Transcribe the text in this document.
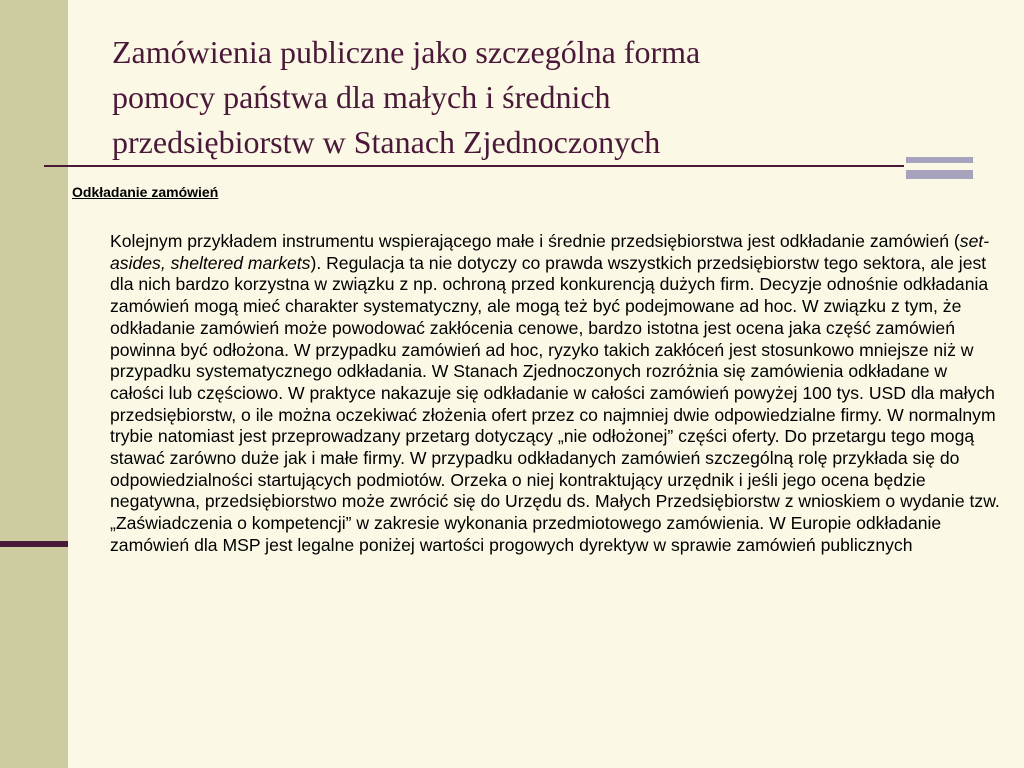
Zamówienia publiczne jako szczególna forma
pomocy państwa dla małych i średnich
przedsiębiorstw w Stanach Zjednoczonych

Odkładanie zamówień

Kolejnym przykładem instrumentu wspierającego małe i średnie przedsiębiorstwa jest odkładanie zamówień (set-asides, sheltered markets). Regulacja ta nie dotyczy co prawda wszystkich przedsiębiorstw tego sektora, ale jest dla nich bardzo korzystna w związku z np. ochroną przed konkurencją dużych firm. Decyzje odnośnie odkładania zamówień mogą mieć charakter systematyczny, ale mogą też być podejmowane ad hoc. W związku z tym, że odkładanie zamówień może powodować zakłócenia cenowe, bardzo istotna jest ocena jaka część zamówień powinna być odłożona. W przypadku zamówień ad hoc, ryzyko takich zakłóceń jest stosunkowo mniejsze niż w przypadku systematycznego odkładania. W Stanach Zjednoczonych rozróżnia się zamówienia odkładane w całości lub częściowo. W praktyce nakazuje się odkładanie w całości zamówień powyżej 100 tys. USD dla małych przedsiębiorstw, o ile można oczekiwać złożenia ofert przez co najmniej dwie odpowiedzialne firmy. W normalnym trybie natomiast jest przeprowadzany przetarg dotyczący „nie odłożonej” części oferty. Do przetargu tego mogą stawać zarówno duże jak i małe firmy. W przypadku odkładanych zamówień szczególną rolę przykłada się do odpowiedzialności startujących podmiotów. Orzeka o niej kontraktujący urzędnik i jeśli jego ocena będzie negatywna, przedsiębiorstwo może zwrócić się do Urzędu ds. Małych Przedsiębiorstw z wnioskiem o wydanie tzw. „Zaświadczenia o kompetencji” w zakresie wykonania przedmiotowego zamówienia. W Europie odkładanie zamówień dla MSP jest legalne poniżej wartości progowych dyrektyw w sprawie zamówień publicznych
